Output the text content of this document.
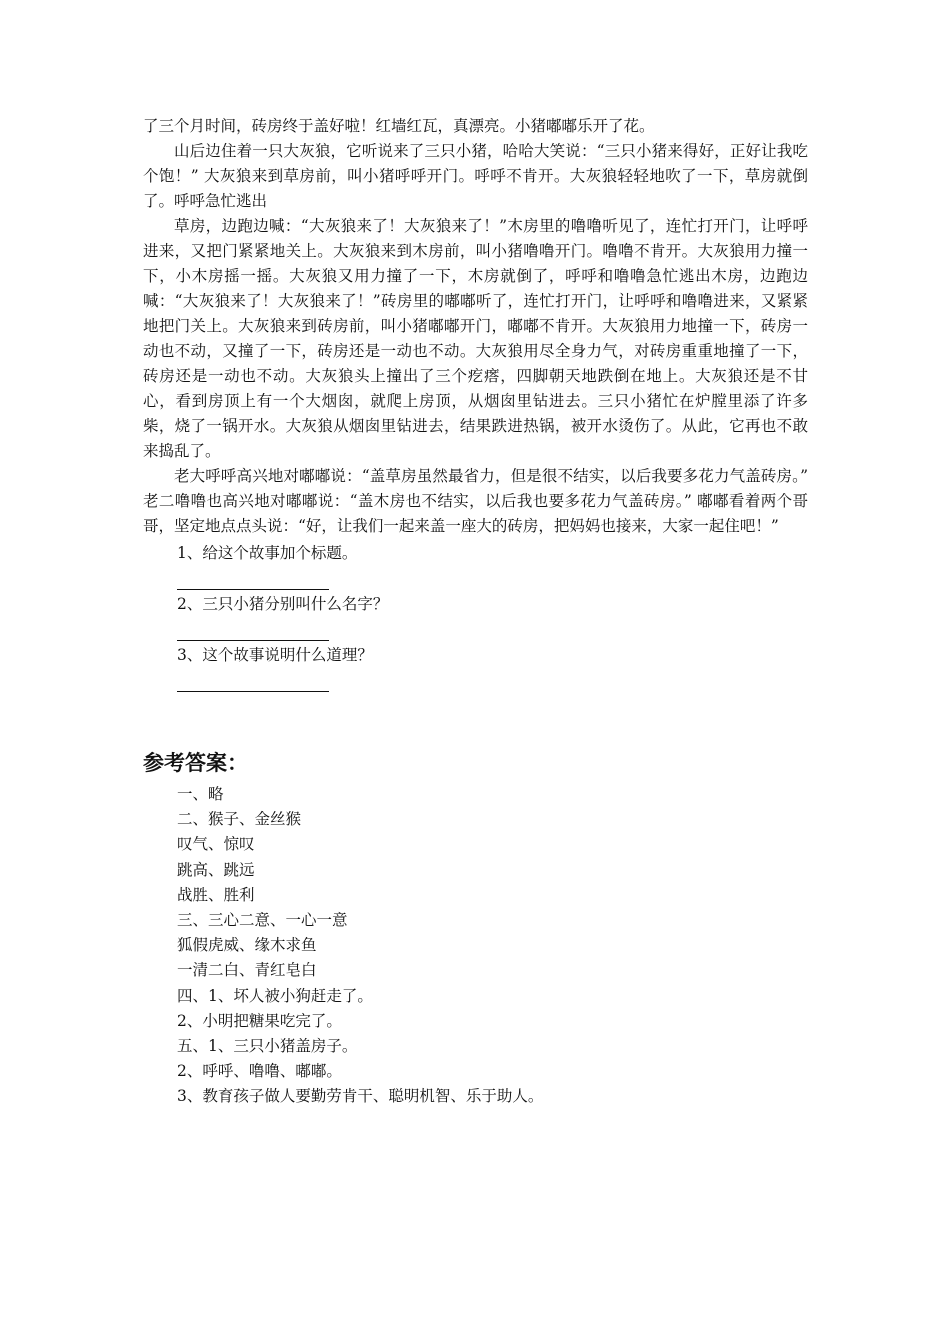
了三个月时间，砖房终于盖好啦！红墙红瓦，真漂亮。小猪嘟嘟乐开了花。

山后边住着一只大灰狼，它听说来了三只小猪，哈哈大笑说：“三只小猪来得好，正好让我吃个饱！” 大灰狼来到草房前，叫小猪呼呼开门。呼呼不肯开。大灰狼轻轻地吹了一下，草房就倒了。呼呼急忙逃出

草房，边跑边喊：“大灰狼来了！大灰狼来了！”木房里的噜噜听见了，连忙打开门，让呼呼进来，又把门紧紧地关上。大灰狼来到木房前，叫小猪噜噜开门。噜噜不肯开。大灰狼用力撞一下，小木房摇一摇。大灰狼又用力撞了一下，木房就倒了，呼呼和噜噜急忙逃出木房，边跑边喊：“大灰狼来了！大灰狼来了！”砖房里的嘟嘟听了，连忙打开门，让呼呼和噜噜进来，又紧紧地把门关上。大灰狼来到砖房前，叫小猪嘟嘟开门，嘟嘟不肯开。大灰狼用力地撞一下，砖房一动也不动，又撞了一下，砖房还是一动也不动。大灰狼用尽全身力气，对砖房重重地撞了一下，砖房还是一动也不动。大灰狼头上撞出了三个疙瘩，四脚朝天地跌倒在地上。大灰狼还是不甘心，看到房顶上有一个大烟囱，就爬上房顶，从烟囱里钻进去。三只小猪忙在炉膛里添了许多柴，烧了一锅开水。大灰狼从烟囱里钻进去，结果跌进热锅，被开水烫伤了。从此，它再也不敢来捣乱了。

老大呼呼高兴地对嘟嘟说：“盖草房虽然最省力，但是很不结实，以后我要多花力气盖砖房。” 老二噜噜也高兴地对嘟嘟说：“盖木房也不结实，以后我也要多花力气盖砖房。” 嘟嘟看着两个哥哥，坚定地点点头说：“好，让我们一起来盖一座大的砖房，把妈妈也接来，大家一起住吧！”

1、给这个故事加个标题。

2、三只小猪分别叫什么名字？

3、这个故事说明什么道理？

参考答案：

一、略

二、猴子、金丝猴

叹气、惊叹

跳高、跳远

战胜、胜利

三、三心二意、一心一意

狐假虎威、缘木求鱼

一清二白、青红皂白

四、1、坏人被小狗赶走了。

2、小明把糖果吃完了。

五、1、三只小猪盖房子。

2、呼呼、噜噜、嘟嘟。

3、教育孩子做人要勤劳肯干、聪明机智、乐于助人。
